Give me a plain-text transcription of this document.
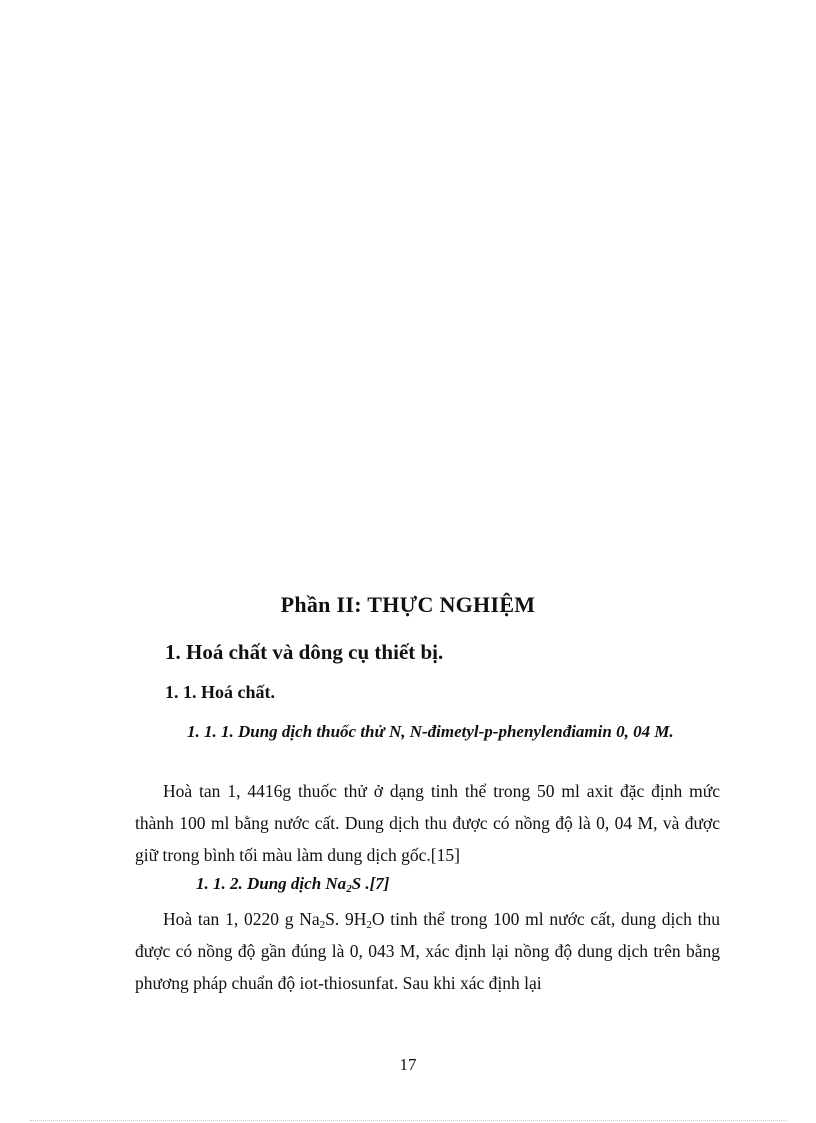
Phần II: THỰC NGHIỆM
1. Hoá chất và dông cụ thiết bị.
1. 1. Hoá chất.
1. 1. 1. Dung dịch thuốc thử N, N-đimetyl-p-phenylenđiamin 0, 04 M.
Hoà tan 1, 4416g thuốc thử ở dạng tinh thể trong 50 ml axit đặc định mức thành 100 ml bằng nước cất. Dung dịch thu được có nồng độ là 0, 04 M, và được giữ trong bình tối màu làm dung dịch gốc.[15]
1. 1. 2. Dung dịch $Na_2S$ .[7]
Hoà tan 1, 0220 g $Na_2S$. $9H_2O$ tinh thể trong 100 ml nước cất, dung dịch thu được có nồng độ gần đúng là 0, 043 M, xác định lại nồng độ dung dịch trên bằng phương pháp chuẩn độ iot-thiosunfat. Sau khi xác định lại
17
